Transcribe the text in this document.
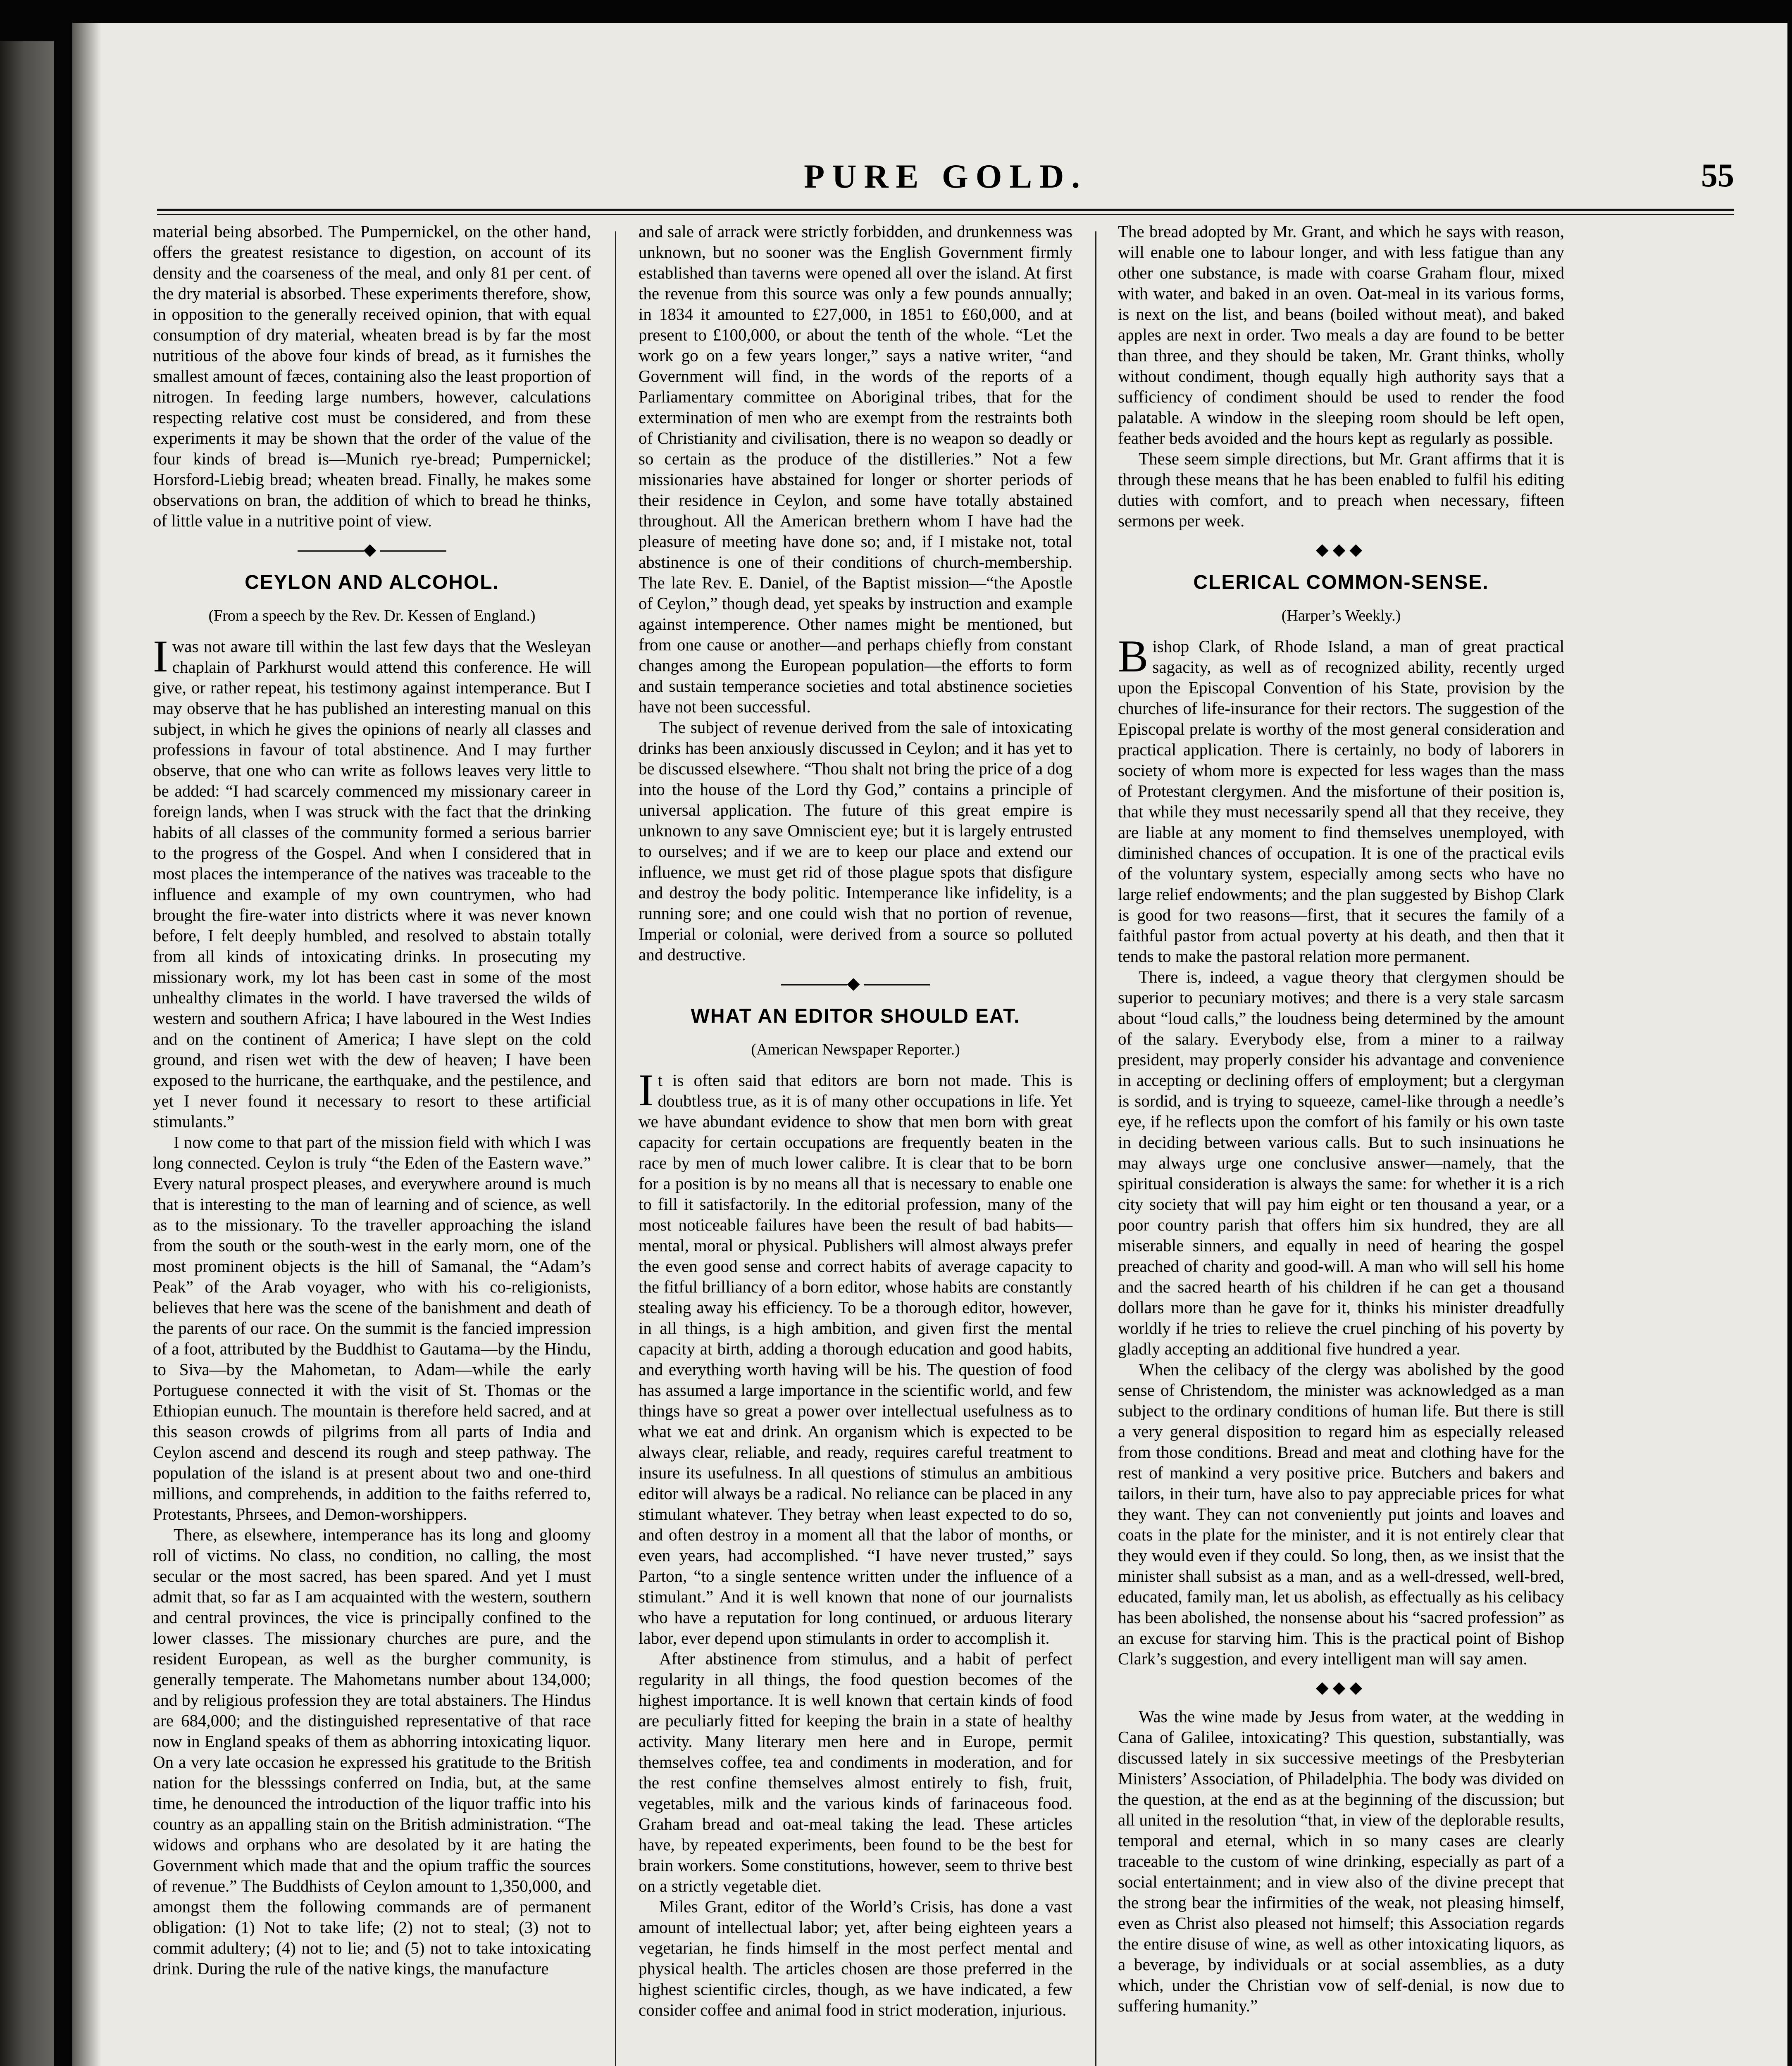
PURE GOLD.	55

material being absorbed. The Pumpernickel, on the other hand, offers the greatest resistance to digestion, on account of its density and the coarseness of the meal, and only 81 per cent. of the dry material is absorbed. These experiments therefore, show, in opposition to the generally received opinion, that with equal consumption of dry material, wheaten bread is by far the most nutritious of the above four kinds of bread, as it furnishes the smallest amount of fæces, containing also the least proportion of nitrogen. In feeding large numbers, however, calculations respecting relative cost must be considered, and from these experiments it may be shown that the order of the value of the four kinds of bread is—Munich rye-bread; Pumpernickel; Horsford-Liebig bread; wheaten bread. Finally, he makes some observations on bran, the addition of which to bread he thinks, of little value in a nutritive point of view.

◆
CEYLON AND ALCOHOL.
(From a speech by the Rev. Dr. Kessen of England.)

Iwas not aware till within the last few days that the Wesleyan chaplain of Parkhurst would attend this conference. He will give, or rather repeat, his testimony against intemperance. But I may observe that he has published an interesting manual on this subject, in which he gives the opinions of nearly all classes and professions in favour of total abstinence. And I may further observe, that one who can write as follows leaves very little to be added: “I had scarcely commenced my missionary career in foreign lands, when I was struck with the fact that the drinking habits of all classes of the community formed a serious barrier to the progress of the Gospel. And when I considered that in most places the intemperance of the natives was traceable to the influence and example of my own countrymen, who had brought the fire-water into districts where it was never known before, I felt deeply humbled, and resolved to abstain totally from all kinds of intoxicating drinks. In prosecuting my missionary work, my lot has been cast in some of the most unhealthy climates in the world. I have traversed the wilds of western and southern Africa; I have laboured in the West Indies and on the continent of America; I have slept on the cold ground, and risen wet with the dew of heaven; I have been exposed to the hurricane, the earthquake, and the pestilence, and yet I never found it necessary to resort to these artificial stimulants.”

I now come to that part of the mission field with which I was long connected. Ceylon is truly “the Eden of the Eastern wave.” Every natural prospect pleases, and everywhere around is much that is interesting to the man of learning and of science, as well as to the missionary. To the traveller approaching the island from the south or the south-west in the early morn, one of the most prominent objects is the hill of Samanal, the “Adam’s Peak” of the Arab voyager, who with his co-religionists, believes that here was the scene of the banishment and death of the parents of our race. On the summit is the fancied impression of a foot, attributed by the Buddhist to Gautama—by the Hindu, to Siva—by the Mahometan, to Adam—while the early Portuguese connected it with the visit of St. Thomas or the Ethiopian eunuch. The mountain is therefore held sacred, and at this season crowds of pilgrims from all parts of India and Ceylon ascend and descend its rough and steep pathway. The population of the island is at present about two and one-third millions, and comprehends, in addition to the faiths referred to, Protestants, Phrsees, and Demon-worshippers.

There, as elsewhere, intemperance has its long and gloomy roll of victims. No class, no condition, no calling, the most secular or the most sacred, has been spared. And yet I must admit that, so far as I am acquainted with the western, southern and central provinces, the vice is principally confined to the lower classes. The missionary churches are pure, and the resident European, as well as the burgher community, is generally temperate. The Mahometans number about 134,000; and by religious profession they are total abstainers. The Hindus are 684,000; and the distinguished representative of that race now in England speaks of them as abhorring intoxicating liquor. On a very late occasion he expressed his gratitude to the British nation for the blesssings conferred on India, but, at the same time, he denounced the introduction of the liquor traffic into his country as an appalling stain on the British administration. “The widows and orphans who are desolated by it are hating the Government which made that and the opium traffic the sources of revenue.” The Buddhists of Ceylon amount to 1,350,000, and amongst them the following commands are of permanent obligation: (1) Not to take life; (2) not to steal; (3) not to commit adultery; (4) not to lie; and (5) not to take intoxicating drink. During the rule of the native kings, the manufacture

and sale of arrack were strictly forbidden, and drunkenness was unknown, but no sooner was the English Government firmly established than taverns were opened all over the island. At first the revenue from this source was only a few pounds annually; in 1834 it amounted to £27,000, in 1851 to £60,000, and at present to £100,000, or about the tenth of the whole. “Let the work go on a few years longer,” says a native writer, “and Government will find, in the words of the reports of a Parliamentary committee on Aboriginal tribes, that for the extermination of men who are exempt from the restraints both of Christianity and civilisation, there is no weapon so deadly or so certain as the produce of the distilleries.” Not a few missionaries have abstained for longer or shorter periods of their residence in Ceylon, and some have totally abstained throughout. All the American brethern whom I have had the pleasure of meeting have done so; and, if I mistake not, total abstinence is one of their conditions of church-membership. The late Rev. E. Daniel, of the Baptist mission—“the Apostle of Ceylon,” though dead, yet speaks by instruction and example against intemperence. Other names might be mentioned, but from one cause or another—and perhaps chiefly from constant changes among the European population—the efforts to form and sustain temperance societies and total abstinence societies have not been successful.

The subject of revenue derived from the sale of intoxicating drinks has been anxiously discussed in Ceylon; and it has yet to be discussed elsewhere. “Thou shalt not bring the price of a dog into the house of the Lord thy God,” contains a principle of universal application. The future of this great empire is unknown to any save Omniscient eye; but it is largely entrusted to ourselves; and if we are to keep our place and extend our influence, we must get rid of those plague spots that disfigure and destroy the body politic. Intemperance like infidelity, is a running sore; and one could wish that no portion of revenue, Imperial or colonial, were derived from a source so polluted and destructive.

◆
WHAT AN EDITOR SHOULD EAT.
(American Newspaper Reporter.)

It is often said that editors are born not made. This is doubtless true, as it is of many other occupations in life. Yet we have abundant evidence to show that men born with great capacity for certain occupations are frequently beaten in the race by men of much lower calibre. It is clear that to be born for a position is by no means all that is necessary to enable one to fill it satisfactorily. In the editorial profession, many of the most noticeable failures have been the result of bad habits—mental, moral or physical. Publishers will almost always prefer the even good sense and correct habits of average capacity to the fitful brilliancy of a born editor, whose habits are constantly stealing away his efficiency. To be a thorough editor, however, in all things, is a high ambition, and given first the mental capacity at birth, adding a thorough education and good habits, and everything worth having will be his. The question of food has assumed a large importance in the scientific world, and few things have so great a power over intellectual usefulness as to what we eat and drink. An organism which is expected to be always clear, reliable, and ready, requires careful treatment to insure its usefulness. In all questions of stimulus an ambitious editor will always be a radical. No reliance can be placed in any stimulant whatever. They betray when least expected to do so, and often destroy in a moment all that the labor of months, or even years, had accomplished. “I have never trusted,” says Parton, “to a single sentence written under the influence of a stimulant.” And it is well known that none of our journalists who have a reputation for long continued, or arduous literary labor, ever depend upon stimulants in order to accomplish it.

After abstinence from stimulus, and a habit of perfect regularity in all things, the food question becomes of the highest importance. It is well known that certain kinds of food are peculiarly fitted for keeping the brain in a state of healthy activity. Many literary men here and in Europe, permit themselves coffee, tea and condiments in moderation, and for the rest confine themselves almost entirely to fish, fruit, vegetables, milk and the various kinds of farinaceous food. Graham bread and oat-meal taking the lead. These articles have, by repeated experiments, been found to be the best for brain workers. Some constitutions, however, seem to thrive best on a strictly vegetable diet.

Miles Grant, editor of the World’s Crisis, has done a vast amount of intellectual labor; yet, after being eighteen years a vegetarian, he finds himself in the most perfect mental and physical health. The articles chosen are those preferred in the highest scientific circles, though, as we have indicated, a few consider coffee and animal food in strict moderation, injurious.

The bread adopted by Mr. Grant, and which he says with reason, will enable one to labour longer, and with less fatigue than any other one substance, is made with coarse Graham flour, mixed with water, and baked in an oven. Oat-meal in its various forms, is next on the list, and beans (boiled without meat), and baked apples are next in order. Two meals a day are found to be better than three, and they should be taken, Mr. Grant thinks, wholly without condiment, though equally high authority says that a sufficiency of condiment should be used to render the food palatable. A window in the sleeping room should be left open, feather beds avoided and the hours kept as regularly as possible.

These seem simple directions, but Mr. Grant affirms that it is through these means that he has been enabled to fulfil his editing duties with comfort, and to preach when necessary, fifteen sermons per week.

◆◆◆
CLERICAL COMMON-SENSE.
(Harper’s Weekly.)

Bishop Clark, of Rhode Island, a man of great practical sagacity, as well as of recognized ability, recently urged upon the Episcopal Convention of his State, provision by the churches of life-insurance for their rectors. The suggestion of the Episcopal prelate is worthy of the most general consideration and practical application. There is certainly, no body of laborers in society of whom more is expected for less wages than the mass of Protestant clergymen. And the misfortune of their position is, that while they must necessarily spend all that they receive, they are liable at any moment to find themselves unemployed, with diminished chances of occupation. It is one of the practical evils of the voluntary system, especially among sects who have no large relief endowments; and the plan suggested by Bishop Clark is good for two reasons—first, that it secures the family of a faithful pastor from actual poverty at his death, and then that it tends to make the pastoral relation more permanent.

There is, indeed, a vague theory that clergymen should be superior to pecuniary motives; and there is a very stale sarcasm about “loud calls,” the loudness being determined by the amount of the salary. Everybody else, from a miner to a railway president, may properly consider his advantage and convenience in accepting or declining offers of employment; but a clergyman is sordid, and is trying to squeeze, camel-like through a needle’s eye, if he reflects upon the comfort of his family or his own taste in deciding between various calls. But to such insinuations he may always urge one conclusive answer—namely, that the spiritual consideration is always the same: for whether it is a rich city society that will pay him eight or ten thousand a year, or a poor country parish that offers him six hundred, they are all miserable sinners, and equally in need of hearing the gospel preached of charity and good-will. A man who will sell his home and the sacred hearth of his children if he can get a thousand dollars more than he gave for it, thinks his minister dreadfully worldly if he tries to relieve the cruel pinching of his poverty by gladly accepting an additional five hundred a year.

When the celibacy of the clergy was abolished by the good sense of Christendom, the minister was acknowledged as a man subject to the ordinary conditions of human life. But there is still a very general disposition to regard him as especially released from those conditions. Bread and meat and clothing have for the rest of mankind a very positive price. Butchers and bakers and tailors, in their turn, have also to pay appreciable prices for what they want. They can not conveniently put joints and loaves and coats in the plate for the minister, and it is not entirely clear that they would even if they could. So long, then, as we insist that the minister shall subsist as a man, and as a well-dressed, well-bred, educated, family man, let us abolish, as effectually as his celibacy has been abolished, the nonsense about his “sacred profession” as an excuse for starving him. This is the practical point of Bishop Clark’s suggestion, and every intelligent man will say amen.

◆◆◆

Was the wine made by Jesus from water, at the wedding in Cana of Galilee, intoxicating? This question, substantially, was discussed lately in six successive meetings of the Presbyterian Ministers’ Association, of Philadelphia. The body was divided on the question, at the end as at the beginning of the discussion; but all united in the resolution “that, in view of the deplorable results, temporal and eternal, which in so many cases are clearly traceable to the custom of wine drinking, especially as part of a social entertainment; and in view also of the divine precept that the strong bear the infirmities of the weak, not pleasing himself, even as Christ also pleased not himself; this Association regards the entire disuse of wine, as well as other intoxicating liquors, as a beverage, by individuals or at social assemblies, as a duty which, under the Christian vow of self-denial, is now due to suffering humanity.”
